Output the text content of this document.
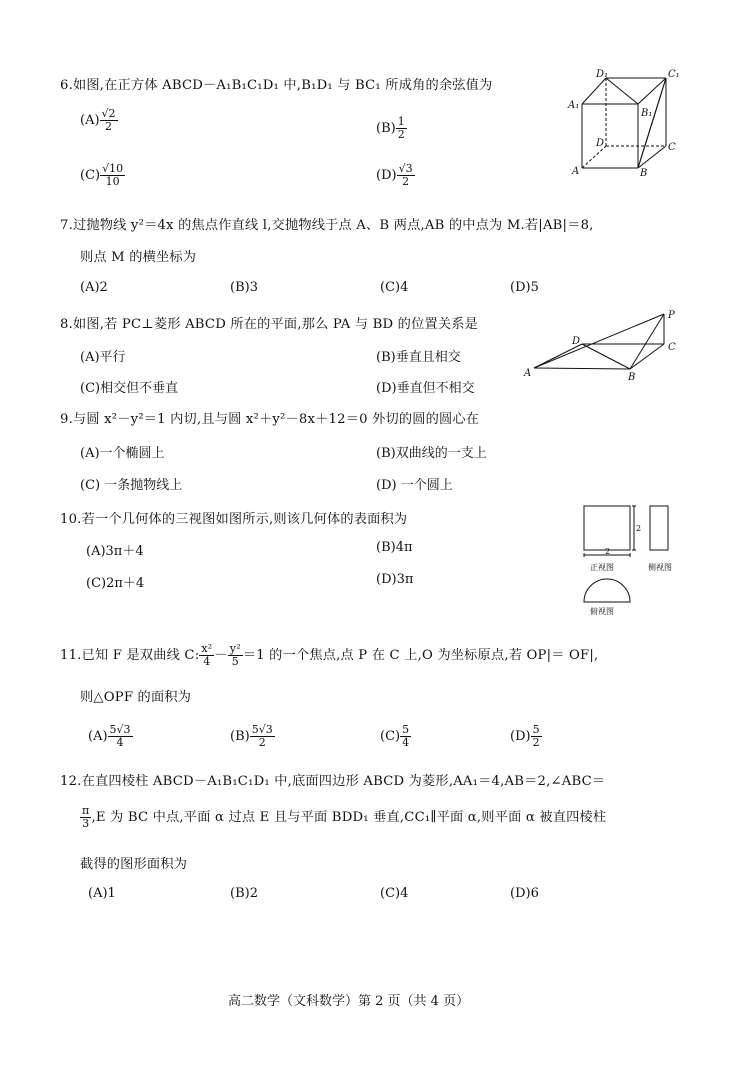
6.如图,在正方体 ABCD－A₁B₁C₁D₁ 中,B₁D₁ 与 BC₁ 所成角的余弦值为
$(A) \frac{√2}{2}$	$(B) \frac{1}{2}$
$(C) \frac{√10}{10}$	$(D) \frac{√3}{2}$
D₁	C₁
A₁
B₁
D	C
A	B
7.过抛物线 y²＝4x 的焦点作直线 l,交抛物线于点 A、B 两点,AB 的中点为 M.若|AB|＝8,
则点 M 的横坐标为
(A)2	(B)3	(C)4	(D)5
8.如图,若 PC⊥菱形 ABCD 所在的平面,那么 PA 与 BD 的位置关系是
(A)平行	(B)垂直且相交
(C)相交但不垂直	(D)垂直但不相交
P
D
C
A	B
9.与圆 x²－y²＝1 内切,且与圆 x²＋y²－8x＋12＝0 外切的圆的圆心在
(A)一个椭圆上	(B)双曲线的一支上
(C) 一条抛物线上	(D) 一个圆上
10.若一个几何体的三视图如图所示,则该几何体的表面积为
(A)3π＋4	(B)4π
(C)2π＋4	(D)3π
2
2
正视图	侧视图
俯视图
11.已知 F 是双曲线 C: $\frac{\text{x²}}{4} - \frac{\text{y²}}{5} =1$ 的一个焦点,点 P 在 C 上,O 为坐标原点,若 OP|＝ OF|,
则△OPF 的面积为
$(A) \frac{5√3}{4}$	$(B) \frac{5√3}{2}$	$(C) \frac{5}{4}$	$(D) \frac{5}{2}$
12.在直四棱柱 ABCD－A₁B₁C₁D₁ 中,底面四边形 ABCD 为菱形,AA₁＝4,AB＝2,∠ABC＝
$\frac{\pi}{3} ,E$ 为 BC 中点,平面 α 过点 E 且与平面 BDD₁ 垂直,CC₁∥平面 α,则平面 α 被直四棱柱
截得的图形面积为
(A)1	(B)2	(C)4	(D)6
高二数学（文科数学）第 2 页（共 4 页）
